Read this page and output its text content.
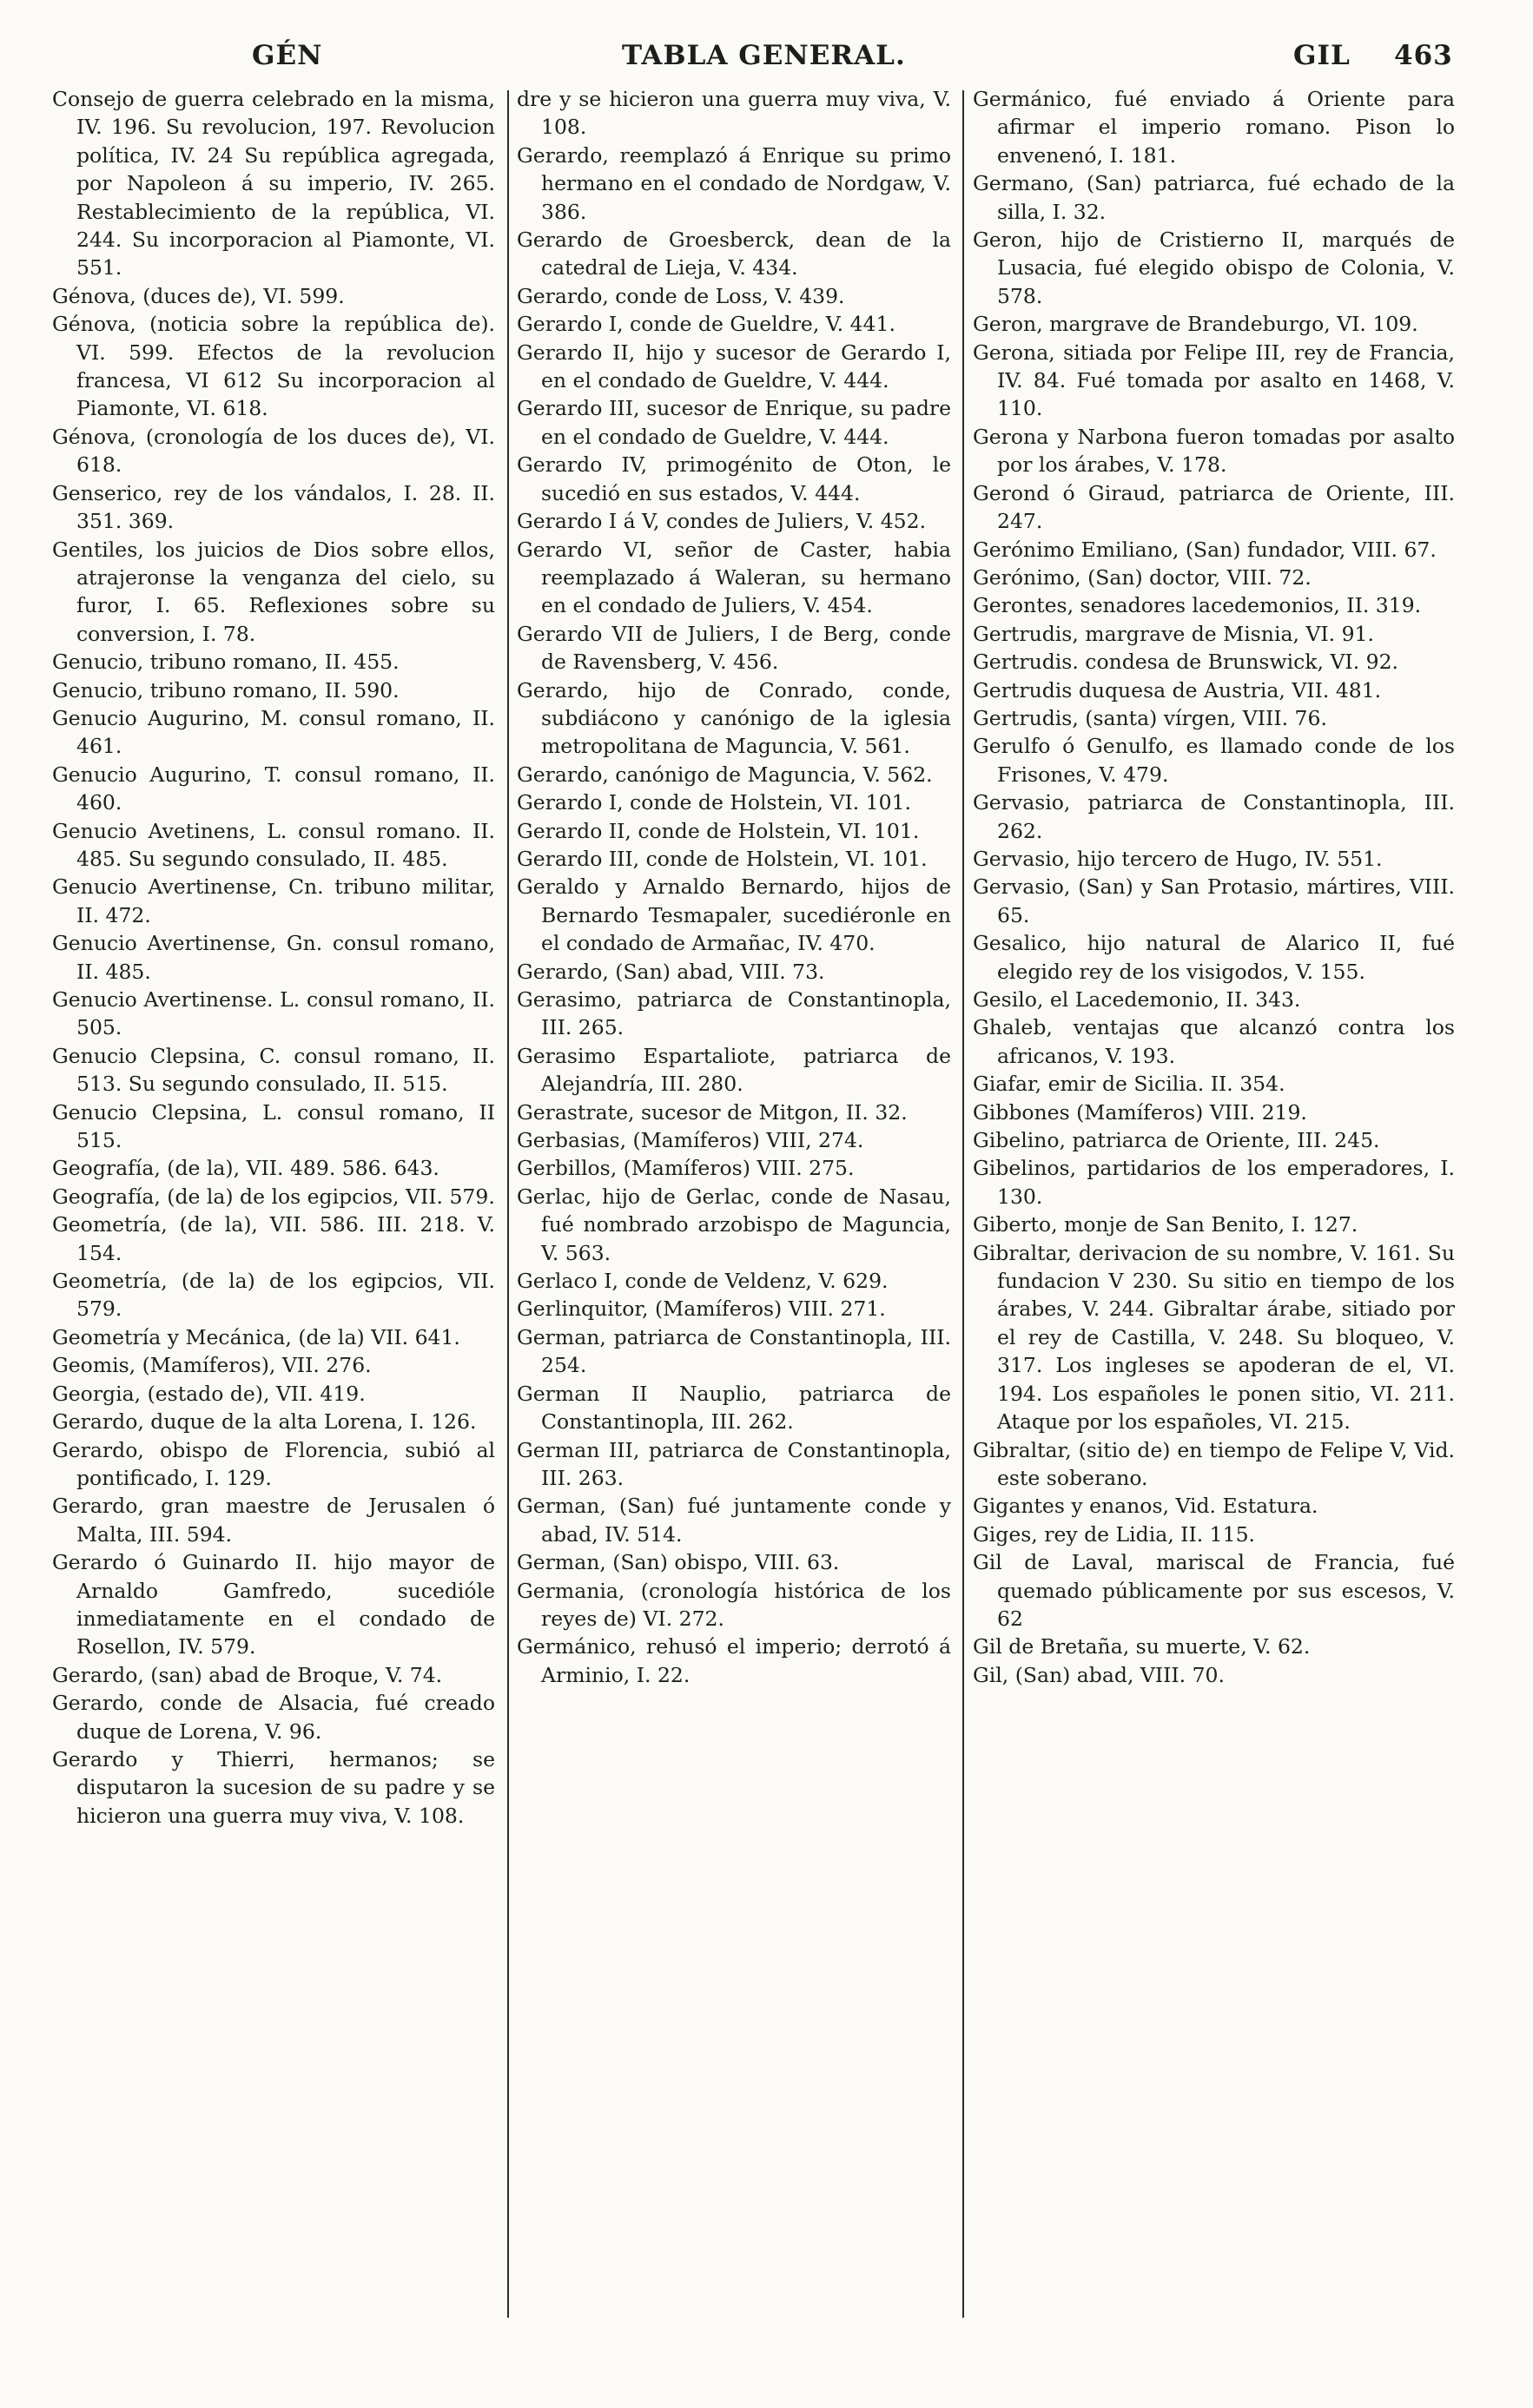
GÉN	TABLA GENERAL.	GIL 463

Consejo de guerra celebrado en la misma, IV. 196. Su revolucion, 197. Revolucion política, IV. 24 Su república agregada, por Napoleon á su imperio, IV. 265. Restablecimiento de la república, VI. 244. Su incorporacion al Piamonte, VI. 551.

Génova, (duces de), VI. 599.

Génova, (noticia sobre la república de). VI. 599. Efectos de la revolucion francesa, VI 612 Su incorporacion al Piamonte, VI. 618.

Génova, (cronología de los duces de), VI. 618.

Genserico, rey de los vándalos, I. 28. II. 351. 369.

Gentiles, los juicios de Dios sobre ellos, atrajeronse la venganza del cielo, su furor, I. 65. Reflexiones sobre su conversion, I. 78.

Genucio, tribuno romano, II. 455.

Genucio, tribuno romano, II. 590.

Genucio Augurino, M. consul romano, II. 461.

Genucio Augurino, T. consul romano, II. 460.

Genucio Avetinens, L. consul romano. II. 485. Su segundo consulado, II. 485.

Genucio Avertinense, Cn. tribuno militar, II. 472.

Genucio Avertinense, Gn. consul romano, II. 485.

Genucio Avertinense. L. consul romano, II. 505.

Genucio Clepsina, C. consul romano, II. 513. Su segundo consulado, II. 515.

Genucio Clepsina, L. consul romano, II 515.

Geografía, (de la), VII. 489. 586. 643.

Geografía, (de la) de los egipcios, VII. 579.

Geometría, (de la), VII. 586. III. 218. V. 154.

Geometría, (de la) de los egipcios, VII. 579.

Geometría y Mecánica, (de la) VII. 641.

Geomis, (Mamíferos), VII. 276.

Georgia, (estado de), VII. 419.

Gerardo, duque de la alta Lorena, I. 126.

Gerardo, obispo de Florencia, subió al pontificado, I. 129.

Gerardo, gran maestre de Jerusalen ó Malta, III. 594.

Gerardo ó Guinardo II. hijo mayor de Arnaldo Gamfredo, sucedióle inmediatamente en el condado de Rosellon, IV. 579.

Gerardo, (san) abad de Broque, V. 74.

Gerardo, conde de Alsacia, fué creado duque de Lorena, V. 96.

Gerardo y Thierri, hermanos; se disputaron la sucesion de su padre y se hicieron una guerra muy viva, V. 108.

dre y se hicieron una guerra muy viva, V. 108.

Gerardo, reemplazó á Enrique su primo hermano en el condado de Nordgaw, V. 386.

Gerardo de Groesberck, dean de la catedral de Lieja, V. 434.

Gerardo, conde de Loss, V. 439.

Gerardo I, conde de Gueldre, V. 441.

Gerardo II, hijo y sucesor de Gerardo I, en el condado de Gueldre, V. 444.

Gerardo III, sucesor de Enrique, su padre en el condado de Gueldre, V. 444.

Gerardo IV, primogénito de Oton, le sucedió en sus estados, V. 444.

Gerardo I á V, condes de Juliers, V. 452.

Gerardo VI, señor de Caster, habia reemplazado á Waleran, su hermano en el condado de Juliers, V. 454.

Gerardo VII de Juliers, I de Berg, conde de Ravensberg, V. 456.

Gerardo, hijo de Conrado, conde, subdiácono y canónigo de la iglesia metropolitana de Maguncia, V. 561.

Gerardo, canónigo de Maguncia, V. 562.

Gerardo I, conde de Holstein, VI. 101.

Gerardo II, conde de Holstein, VI. 101.

Gerardo III, conde de Holstein, VI. 101.

Geraldo y Arnaldo Bernardo, hijos de Bernardo Tesmapaler, sucediéronle en el condado de Armañac, IV. 470.

Gerardo, (San) abad, VIII. 73.

Gerasimo, patriarca de Constantinopla, III. 265.

Gerasimo Espartaliote, patriarca de Alejandría, III. 280.

Gerastrate, sucesor de Mitgon, II. 32.

Gerbasias, (Mamíferos) VIII, 274.

Gerbillos, (Mamíferos) VIII. 275.

Gerlac, hijo de Gerlac, conde de Nasau, fué nombrado arzobispo de Maguncia, V. 563.

Gerlaco I, conde de Veldenz, V. 629.

Gerlinquitor, (Mamíferos) VIII. 271.

German, patriarca de Constantinopla, III. 254.

German II Nauplio, patriarca de Constantinopla, III. 262.

German III, patriarca de Constantinopla, III. 263.

German, (San) fué juntamente conde y abad, IV. 514.

German, (San) obispo, VIII. 63.

Germania, (cronología histórica de los reyes de) VI. 272.

Germánico, rehusó el imperio; derrotó á Arminio, I. 22.

Germánico, fué enviado á Oriente para afirmar el imperio romano. Pison lo envenenó, I. 181.

Germano, (San) patriarca, fué echado de la silla, I. 32.

Geron, hijo de Cristierno II, marqués de Lusacia, fué elegido obispo de Colonia, V. 578.

Geron, margrave de Brandeburgo, VI. 109.

Gerona, sitiada por Felipe III, rey de Francia, IV. 84. Fué tomada por asalto en 1468, V. 110.

Gerona y Narbona fueron tomadas por asalto por los árabes, V. 178.

Gerond ó Giraud, patriarca de Oriente, III. 247.

Gerónimo Emiliano, (San) fundador, VIII. 67.

Gerónimo, (San) doctor, VIII. 72.

Gerontes, senadores lacedemonios, II. 319.

Gertrudis, margrave de Misnia, VI. 91.

Gertrudis. condesa de Brunswick, VI. 92.

Gertrudis duquesa de Austria, VII. 481.

Gertrudis, (santa) vírgen, VIII. 76.

Gerulfo ó Genulfo, es llamado conde de los Frisones, V. 479.

Gervasio, patriarca de Constantinopla, III. 262.

Gervasio, hijo tercero de Hugo, IV. 551.

Gervasio, (San) y San Protasio, mártires, VIII. 65.

Gesalico, hijo natural de Alarico II, fué elegido rey de los visigodos, V. 155.

Gesilo, el Lacedemonio, II. 343.

Ghaleb, ventajas que alcanzó contra los africanos, V. 193.

Giafar, emir de Sicilia. II. 354.

Gibbones (Mamíferos) VIII. 219.

Gibelino, patriarca de Oriente, III. 245.

Gibelinos, partidarios de los emperadores, I. 130.

Giberto, monje de San Benito, I. 127.

Gibraltar, derivacion de su nombre, V. 161. Su fundacion V 230. Su sitio en tiempo de los árabes, V. 244. Gibraltar árabe, sitiado por el rey de Castilla, V. 248. Su bloqueo, V. 317. Los ingleses se apoderan de el, VI. 194. Los españoles le ponen sitio, VI. 211. Ataque por los españoles, VI. 215.

Gibraltar, (sitio de) en tiempo de Felipe V, Vid. este soberano.

Gigantes y enanos, Vid. Estatura.

Giges, rey de Lidia, II. 115.

Gil de Laval, mariscal de Francia, fué quemado públicamente por sus escesos, V. 62

Gil de Bretaña, su muerte, V. 62.

Gil, (San) abad, VIII. 70.
